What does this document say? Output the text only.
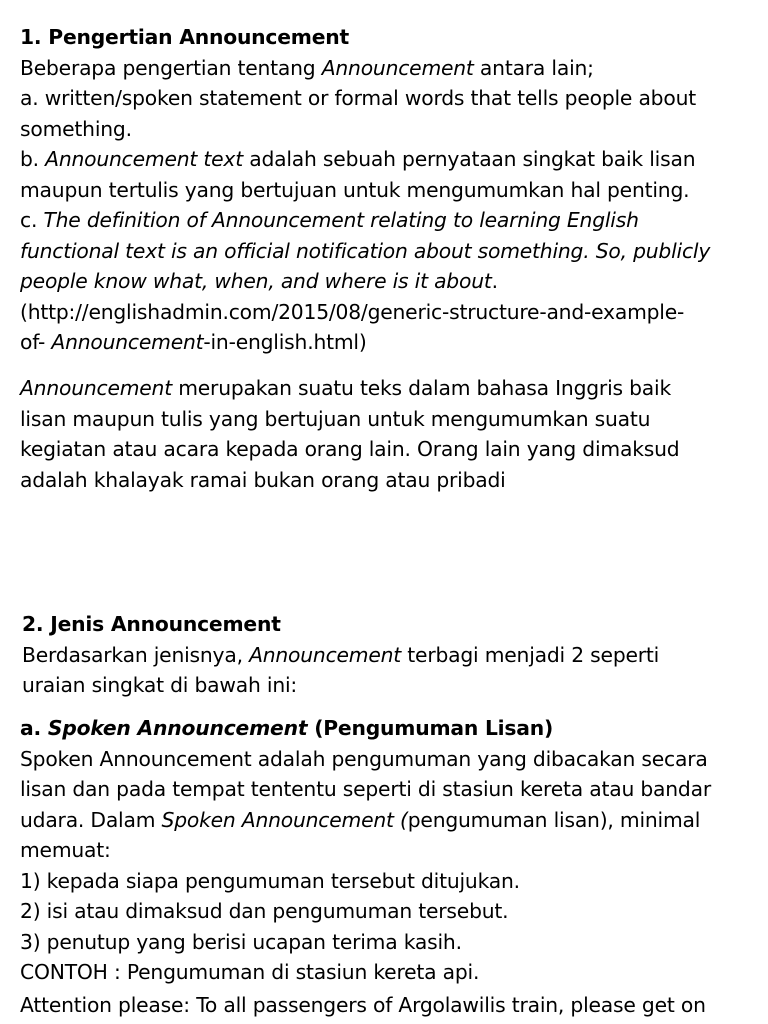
1. Pengertian Announcement

Beberapa pengertian tentang Announcement antara lain;

a. written/spoken statement or formal words that tells people about

something.

b. Announcement text adalah sebuah pernyataan singkat baik lisan

maupun tertulis yang bertujuan untuk mengumumkan hal penting.

c. The definition of Announcement relating to learning English

functional text is an official notification about something. So, publicly

people know what, when, and where is it about.

(http://englishadmin.com/2015/08/generic-structure-and-example-

of- Announcement-in-english.html)

Announcement merupakan suatu teks dalam bahasa Inggris baik

lisan maupun tulis yang bertujuan untuk mengumumkan suatu

kegiatan atau acara kepada orang lain. Orang lain yang dimaksud

adalah khalayak ramai bukan orang atau pribadi

2. Jenis Announcement

Berdasarkan jenisnya, Announcement terbagi menjadi 2 seperti

uraian singkat di bawah ini:

a. Spoken Announcement (Pengumuman Lisan)

Spoken Announcement adalah pengumuman yang dibacakan secara

lisan dan pada tempat tententu seperti di stasiun kereta atau bandar

udara. Dalam Spoken Announcement (pengumuman lisan), minimal

memuat:

1) kepada siapa pengumuman tersebut ditujukan.

2) isi atau dimaksud dan pengumuman tersebut.

3) penutup yang berisi ucapan terima kasih.

CONTOH : Pengumuman di stasiun kereta api.

Attention please: To all passengers of Argolawilis train, please get on
